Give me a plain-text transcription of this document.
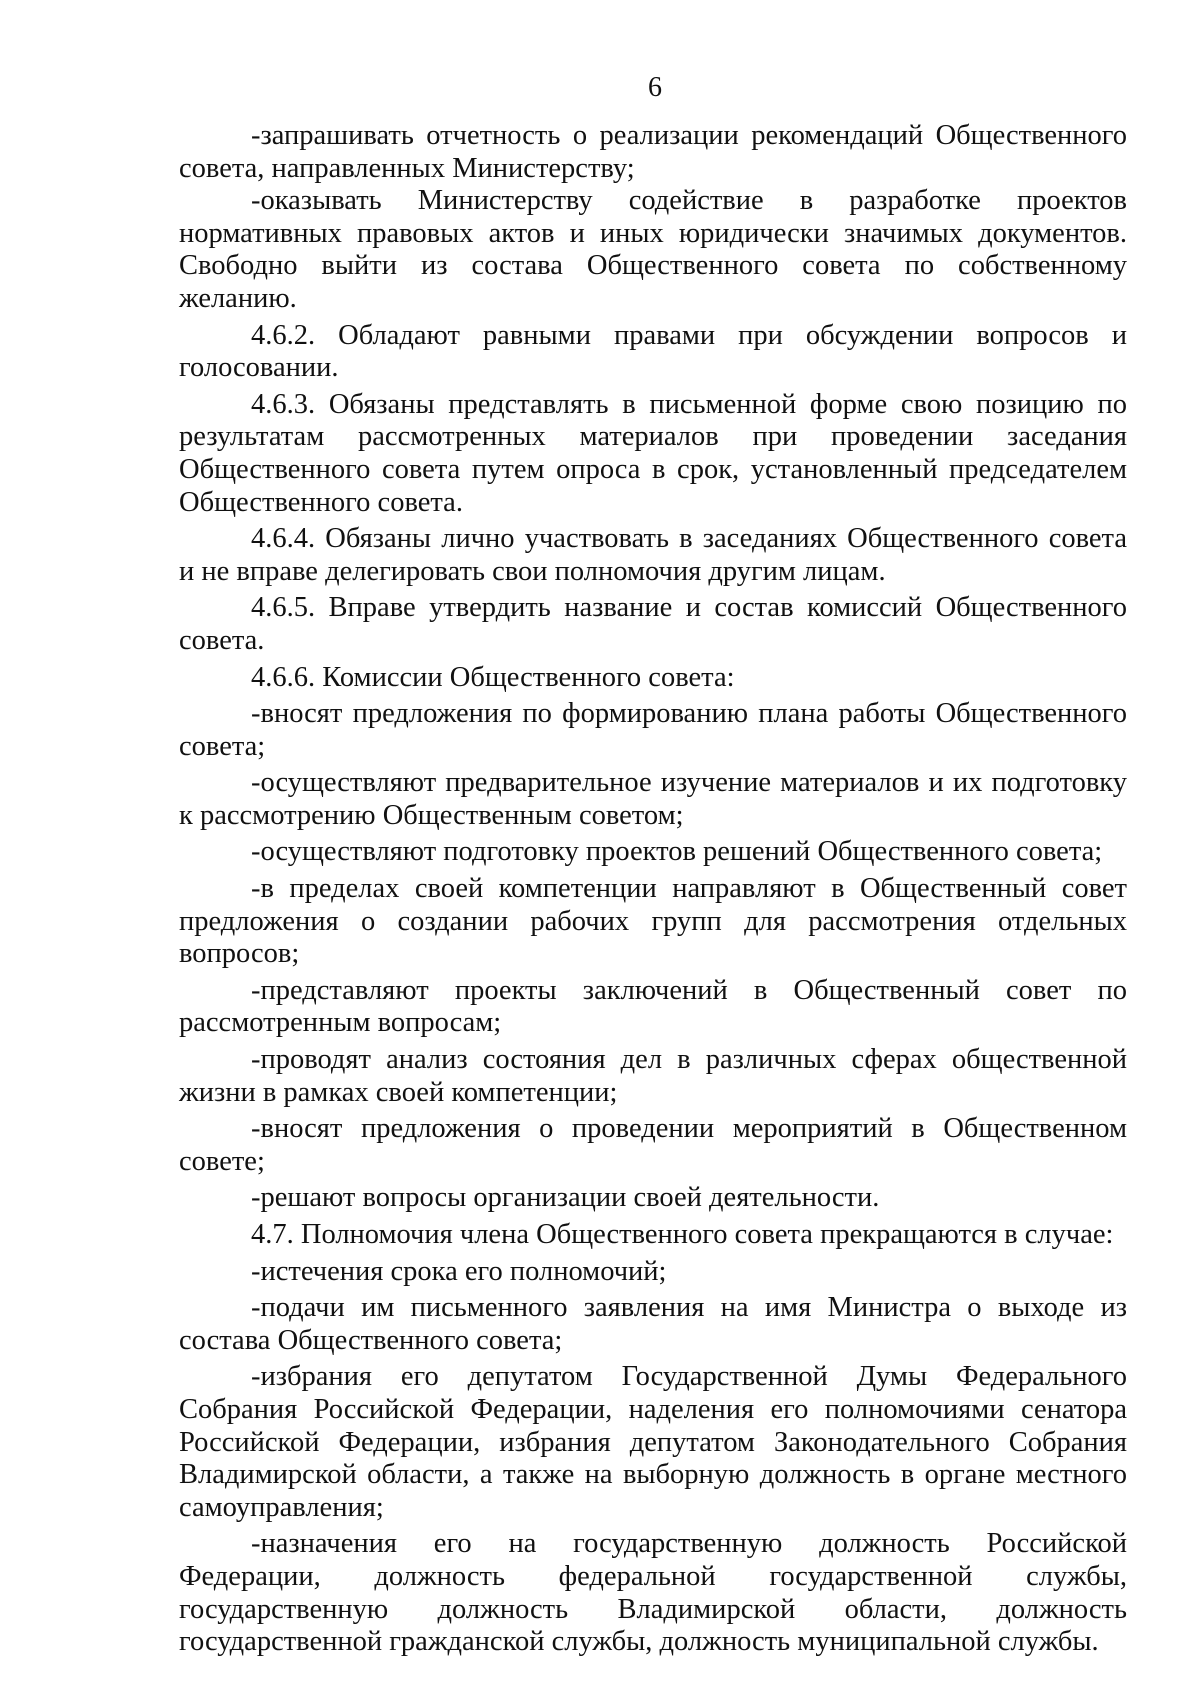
6

-запрашивать отчетность о реализации рекомендаций Общественного совета, направленных Министерству;

-оказывать Министерству содействие в разработке проектов нормативных правовых актов и иных юридически значимых документов. Свободно выйти из состава Общественного совета по собственному желанию.

4.6.2. Обладают равными правами при обсуждении вопросов и голосовании.

4.6.3. Обязаны представлять в письменной форме свою позицию по результатам рассмотренных материалов при проведении заседания Общественного совета путем опроса в срок, установленный председателем Общественного совета.

4.6.4. Обязаны лично участвовать в заседаниях Общественного совета и не вправе делегировать свои полномочия другим лицам.

4.6.5. Вправе утвердить название и состав комиссий Общественного совета.

4.6.6. Комиссии Общественного совета:

-вносят предложения по формированию плана работы Общественного совета;

-осуществляют предварительное изучение материалов и их подготовку к рассмотрению Общественным советом;

-осуществляют подготовку проектов решений Общественного совета;

-в пределах своей компетенции направляют в Общественный совет предложения о создании рабочих групп для рассмотрения отдельных вопросов;

-представляют проекты заключений в Общественный совет по рассмотренным вопросам;

-проводят анализ состояния дел в различных сферах общественной жизни в рамках своей компетенции;

-вносят предложения о проведении мероприятий в Общественном совете;

-решают вопросы организации своей деятельности.

4.7. Полномочия члена Общественного совета прекращаются в случае:

-истечения срока его полномочий;

-подачи им письменного заявления на имя Министра о выходе из состава Общественного совета;

-избрания его депутатом Государственной Думы Федерального Собрания Российской Федерации, наделения его полномочиями сенатора Российской Федерации, избрания депутатом Законодательного Собрания Владимирской области, а также на выборную должность в органе местного самоуправления;

-назначения его на государственную должность Российской Федерации, должность федеральной государственной службы, государственную должность Владимирской области, должность государственной гражданской службы, должность муниципальной службы.
